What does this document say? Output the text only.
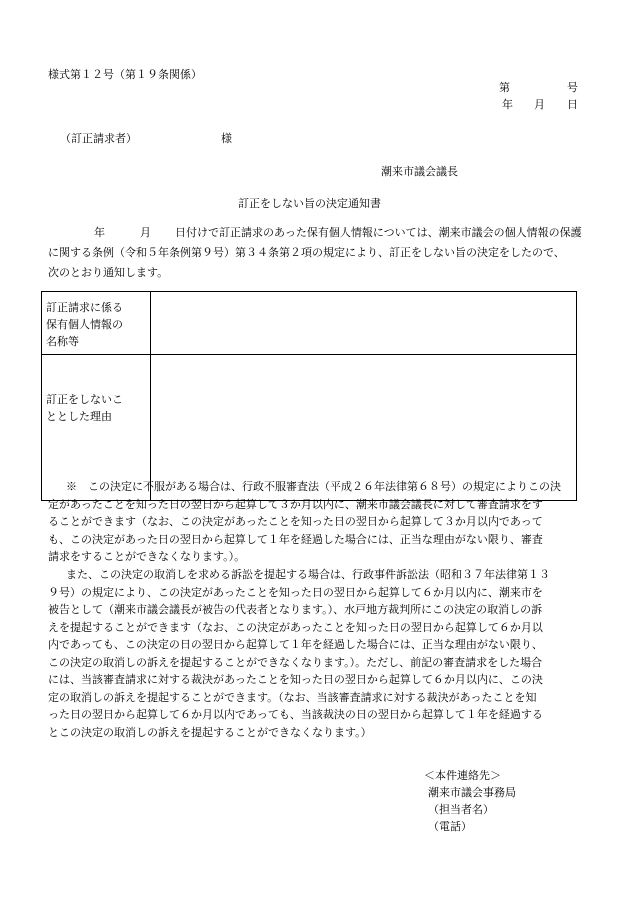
様式第１２号（第１９条関係）
第	号
年 月 日
（訂正請求者）	様
潮来市議会議長
訂正をしない旨の決定通知書
年	月 日付けで訂正請求のあった保有個人情報については、潮来市議会の個人情報の保護
に関する条例（令和５年条例第９号）第３４条第２項の規定により、訂正をしない旨の決定をしたので、
次のとおり通知します。
訂正請求に係る
保有個人情報の
名称等	

訂正をしないこ
ととした理由	

※　この決定に不服がある場合は、行政不服審査法（平成２６年法律第６８号）の規定によりこの決
定があったことを知った日の翌日から起算して３か月以内に、潮来市議会議長に対して審査請求をす
ることができます（なお、この決定があったことを知った日の翌日から起算して３か月以内であって
も、この決定があった日の翌日から起算して１年を経過した場合には、正当な理由がない限り、審査
請求をすることができなくなります。）。
また、この決定の取消しを求める訴訟を提起する場合は、行政事件訴訟法（昭和３７年法律第１３
９号）の規定により、この決定があったことを知った日の翌日から起算して６か月以内に、潮来市を
被告として（潮来市議会議長が被告の代表者となります。）、水戸地方裁判所にこの決定の取消しの訴
えを提起することができます（なお、この決定があったことを知った日の翌日から起算して６か月以
内であっても、この決定の日の翌日から起算して１年を経過した場合には、正当な理由がない限り、
この決定の取消しの訴えを提起することができなくなります。）。ただし、前記の審査請求をした場合
には、当該審査請求に対する裁決があったことを知った日の翌日から起算して６か月以内に、この決
定の取消しの訴えを提起することができます。（なお、当該審査請求に対する裁決があったことを知
った日の翌日から起算して６か月以内であっても、当該裁決の日の翌日から起算して１年を経過する
とこの決定の取消しの訴えを提起することができなくなります。）
＜本件連絡先＞
潮来市議会事務局
（担当者名）
（電話）
